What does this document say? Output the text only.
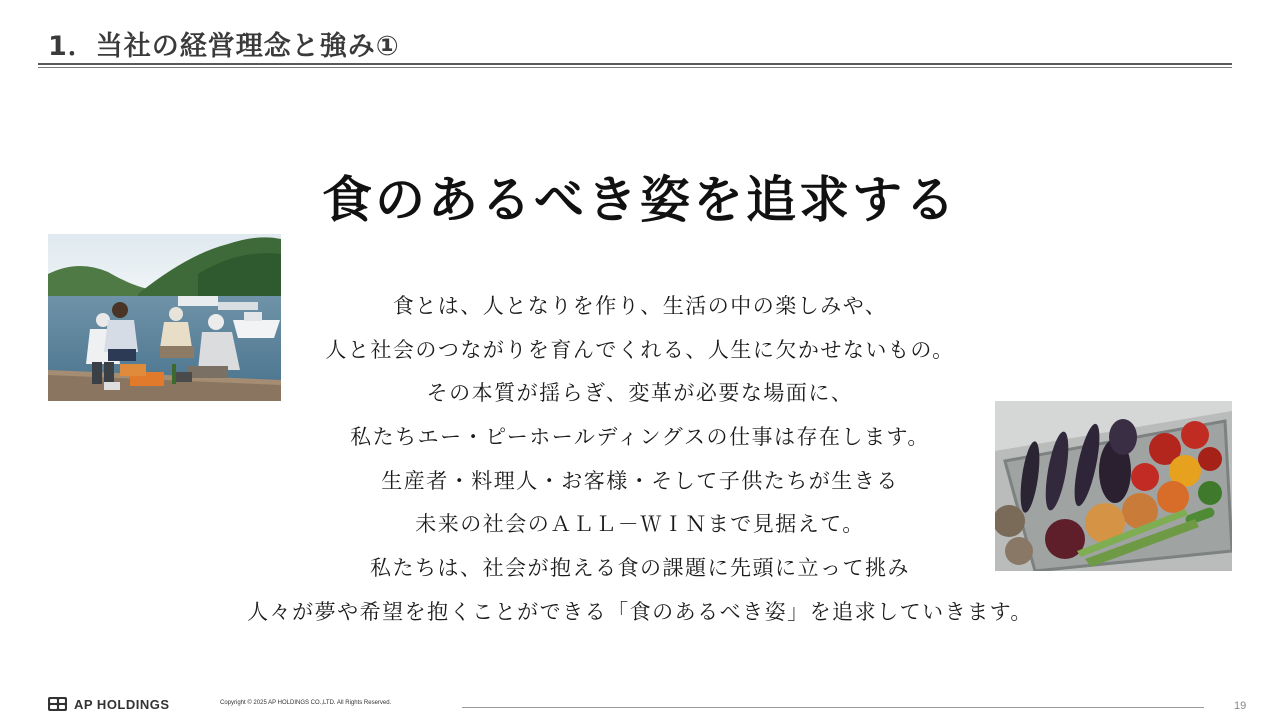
1．当社の経営理念と強み①
食のあるべき姿を追求する
食とは、人となりを作り、生活の中の楽しみや、
人と社会のつながりを育んでくれる、人生に欠かせないもの。
その本質が揺らぎ、変革が必要な場面に、
私たちエー・ピーホールディングスの仕事は存在します。
生産者・料理人・お客様・そして子供たちが生きる
未来の社会のＡＬＬ－ＷＩＮまで見据えて。
私たちは、社会が抱える食の課題に先頭に立って挑み
人々が夢や希望を抱くことができる「食のあるべき姿」を追求していきます。
AP HOLDINGS	Copyright © 2025 AP HOLDINGS CO.,LTD. All Rights Reserved.	19
